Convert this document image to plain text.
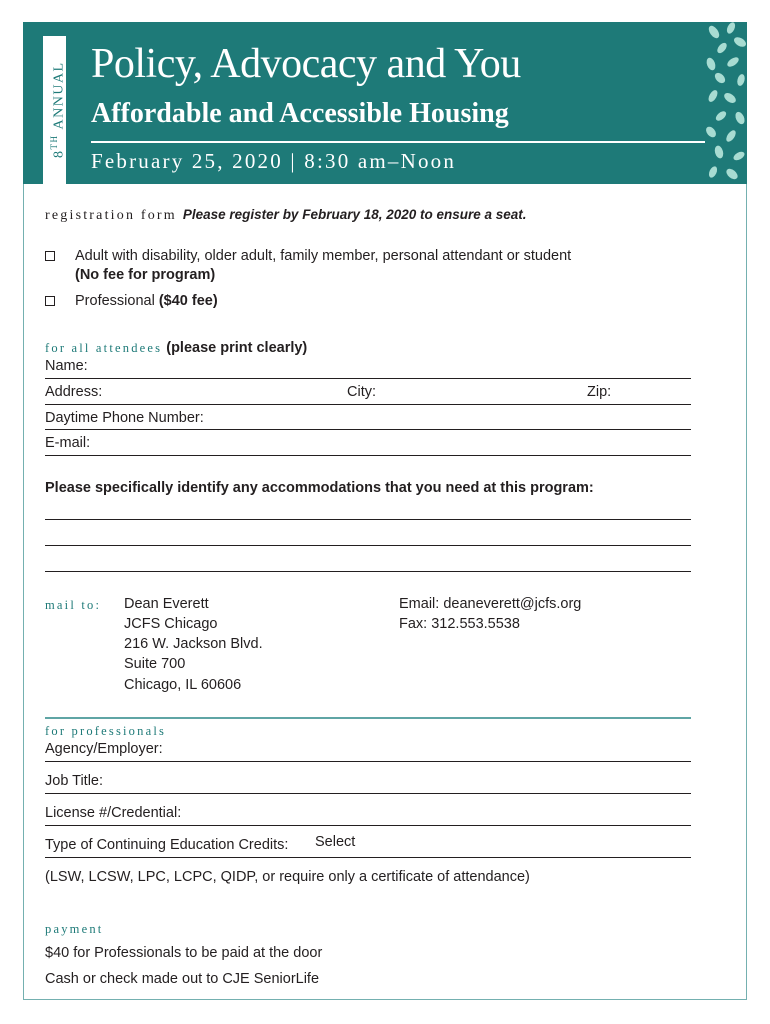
8TH ANNUAL Policy, Advocacy and You
Affordable and Accessible Housing
February 25, 2020 | 8:30 am–Noon
registration form Please register by February 18, 2020 to ensure a seat.
Adult with disability, older adult, family member, personal attendant or student
(No fee for program)
Professional ($40 fee)
for all attendees (please print clearly)
Name:
Address:	City:	Zip:
Daytime Phone Number:
E-mail:
Please specifically identify any accommodations that you need at this program:
mail to: Dean Everett
JCFS Chicago
216 W. Jackson Blvd.
Suite 700
Chicago, IL 60606
Email: deaneverett@jcfs.org
Fax: 312.553.5538
for professionals
Agency/Employer:
Job Title:
License #/Credential:
Type of Continuing Education Credits: Select
(LSW, LCSW, LPC, LCPC, QIDP, or require only a certificate of attendance)
payment
$40 for Professionals to be paid at the door
Cash or check made out to CJE SeniorLife
